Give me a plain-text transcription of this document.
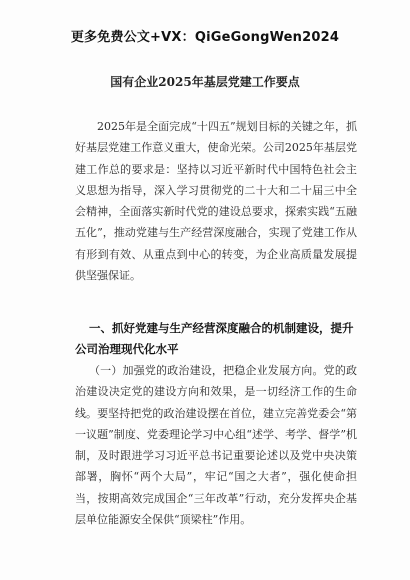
更多免费公文+VX：QiGeGongWen2024
国有企业2025年基层党建工作要点

2025年是全面完成“十四五”规划目标的关键之年，抓好基层党建工作意义重大，使命光荣。公司2025年基层党建工作总的要求是：坚持以习近平新时代中国特色社会主义思想为指导，深入学习贯彻党的二十大和二十届三中全会精神，全面落实新时代党的建设总要求，探索实践“五融五化”，推动党建与生产经营深度融合，实现了党建工作从有形到有效、从重点到中心的转变，为企业高质量发展提供坚强保证。

一、抓好党建与生产经营深度融合的机制建设，提升公司治理现代化水平

（一）加强党的政治建设，把稳企业发展方向。党的政治建设决定党的建设方向和效果，是一切经济工作的生命线。要坚持把党的政治建设摆在首位，建立完善党委会“第一议题”制度、党委理论学习中心组“述学、考学、督学”机制，及时跟进学习习近平总书记重要论述以及党中央决策部署，胸怀“两个大局”，牢记“国之大者”，强化使命担当，按期高效完成国企“三年改革”行动，充分发挥央企基层单位能源安全保供“顶梁柱”作用。
